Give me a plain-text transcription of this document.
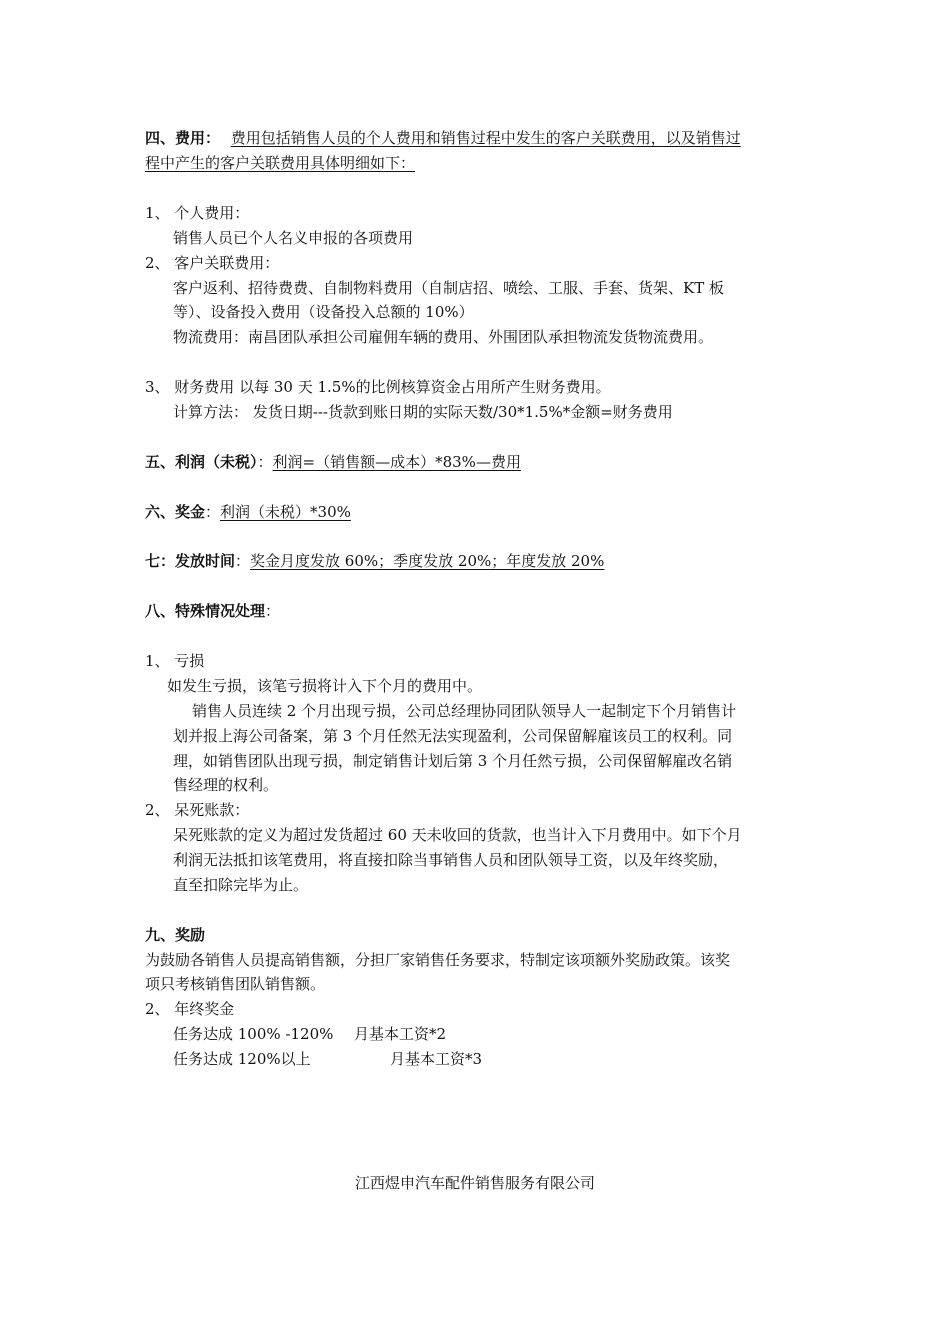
四、费用： 费用包括销售人员的个人费用和销售过程中发生的客户关联费用，以及销售过
程中产生的客户关联费用具体明细如下：
1、 个人费用：
销售人员已个人名义申报的各项费用
2、 客户关联费用：
客户返利、招待费费、自制物料费用（自制店招、喷绘、工服、手套、货架、KT 板
等）、设备投入费用（设备投入总额的 10%）
物流费用：南昌团队承担公司雇佣车辆的费用、外围团队承担物流发货物流费用。
3、 财务费用 以每 30 天 1.5%的比例核算资金占用所产生财务费用。
计算方法： 发货日期---货款到账日期的实际天数/30*1.5%*金额=财务费用
五、利润（未税）：利润=（销售额—成本）*83%—费用
六、奖金：利润（未税）*30%
七：发放时间：奖金月度发放 60%；季度发放 20%；年度发放 20%
八、特殊情况处理：
1、 亏损
如发生亏损，该笔亏损将计入下个月的费用中。
销售人员连续 2 个月出现亏损，公司总经理协同团队领导人一起制定下个月销售计
划并报上海公司备案，第 3 个月任然无法实现盈利，公司保留解雇该员工的权利。同
理，如销售团队出现亏损，制定销售计划后第 3 个月任然亏损，公司保留解雇改名销
售经理的权利。
2、 呆死账款：
呆死账款的定义为超过发货超过 60 天未收回的货款，也当计入下月费用中。如下个月
利润无法抵扣该笔费用，将直接扣除当事销售人员和团队领导工资，以及年终奖励，
直至扣除完毕为止。
九、奖励
为鼓励各销售人员提高销售额，分担厂家销售任务要求，特制定该项额外奖励政策。该奖
项只考核销售团队销售额。
2、 年终奖金
任务达成 100% -120% 月基本工资*2
任务达成 120%以上	月基本工资*3
江西煜申汽车配件销售服务有限公司
